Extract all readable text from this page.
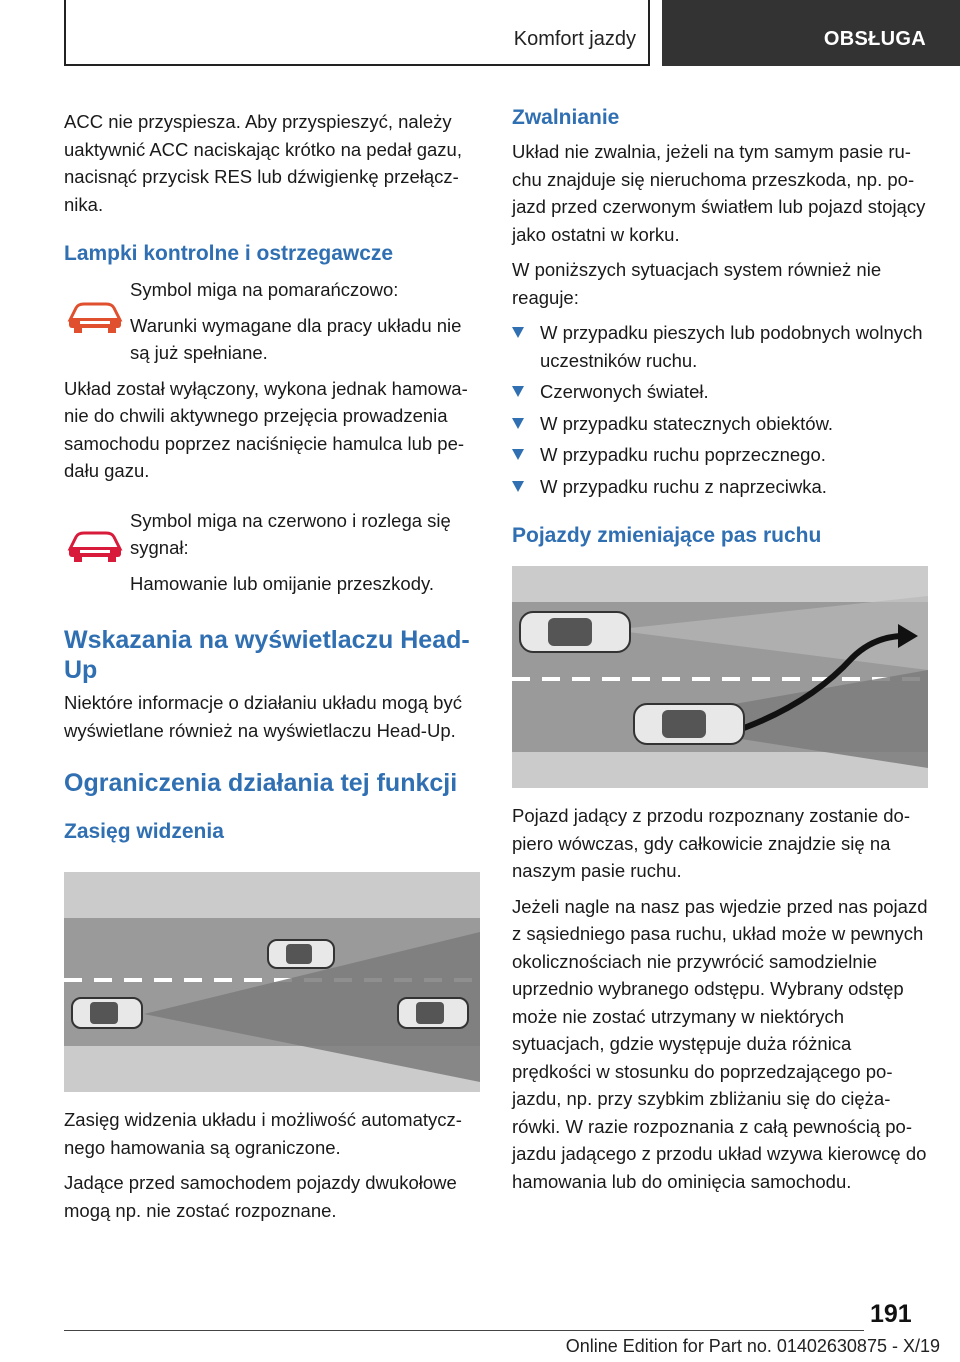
Komfort jazdy	OBSŁUGA

ACC nie przyspiesza. Aby przyspieszyć, należy uaktywnić ACC naciskając krótko na pedał gazu, nacisnąć przycisk RES lub dźwigienkę przełącznika.

Lampki kontrolne i ostrzegawcze

Symbol miga na pomarańczowo:

Warunki wymagane dla pracy układu nie są już spełniane.

Układ został wyłączony, wykona jednak hamowanie do chwili aktywnego przejęcia prowadzenia samochodu poprzez naciśnięcie hamulca lub pedału gazu.

Symbol miga na czerwono i rozlega się sygnał:

Hamowanie lub omijanie przeszkody.

Wskazania na wyświetlaczu Head-Up

Niektóre informacje o działaniu układu mogą być wyświetlane również na wyświetlaczu Head-Up.

Ograniczenia działania tej funkcji
Zasięg widzenia

Zasięg widzenia układu i możliwość automatycznego hamowania są ograniczone.

Jadące przed samochodem pojazdy dwukołowe mogą np. nie zostać rozpoznane.

Zwalnianie

Układ nie zwalnia, jeżeli na tym samym pasie ruchu znajduje się nieruchoma przeszkoda, np. pojazd przed czerwonym światłem lub pojazd stojący jako ostatni w korku.

W poniższych sytuacjach system również nie reaguje:

W przypadku pieszych lub podobnych wolnych uczestników ruchu.
Czerwonych świateł.
W przypadku statecznych obiektów.
W przypadku ruchu poprzecznego.
W przypadku ruchu z naprzeciwka.
Pojazdy zmieniające pas ruchu

Pojazd jadący z przodu rozpoznany zostanie dopiero wówczas, gdy całkowicie znajdzie się na naszym pasie ruchu.

Jeżeli nagle na nasz pas wjedzie przed nas pojazd z sąsiedniego pasa ruchu, układ może w pewnych okolicznościach nie przywrócić samodzielnie uprzednio wybranego odstępu. Wybrany odstęp może nie zostać utrzymany w niektórych sytuacjach, gdzie występuje duża różnica prędkości w stosunku do poprzedzającego pojazdu, np. przy szybkim zbliżaniu się do ciężarówki. W razie rozpoznania z całą pewnością pojazdu jadącego z przodu układ wzywa kierowcę do hamowania lub do ominięcia samochodu.

191
Online Edition for Part no. 01402630875 - X/19
